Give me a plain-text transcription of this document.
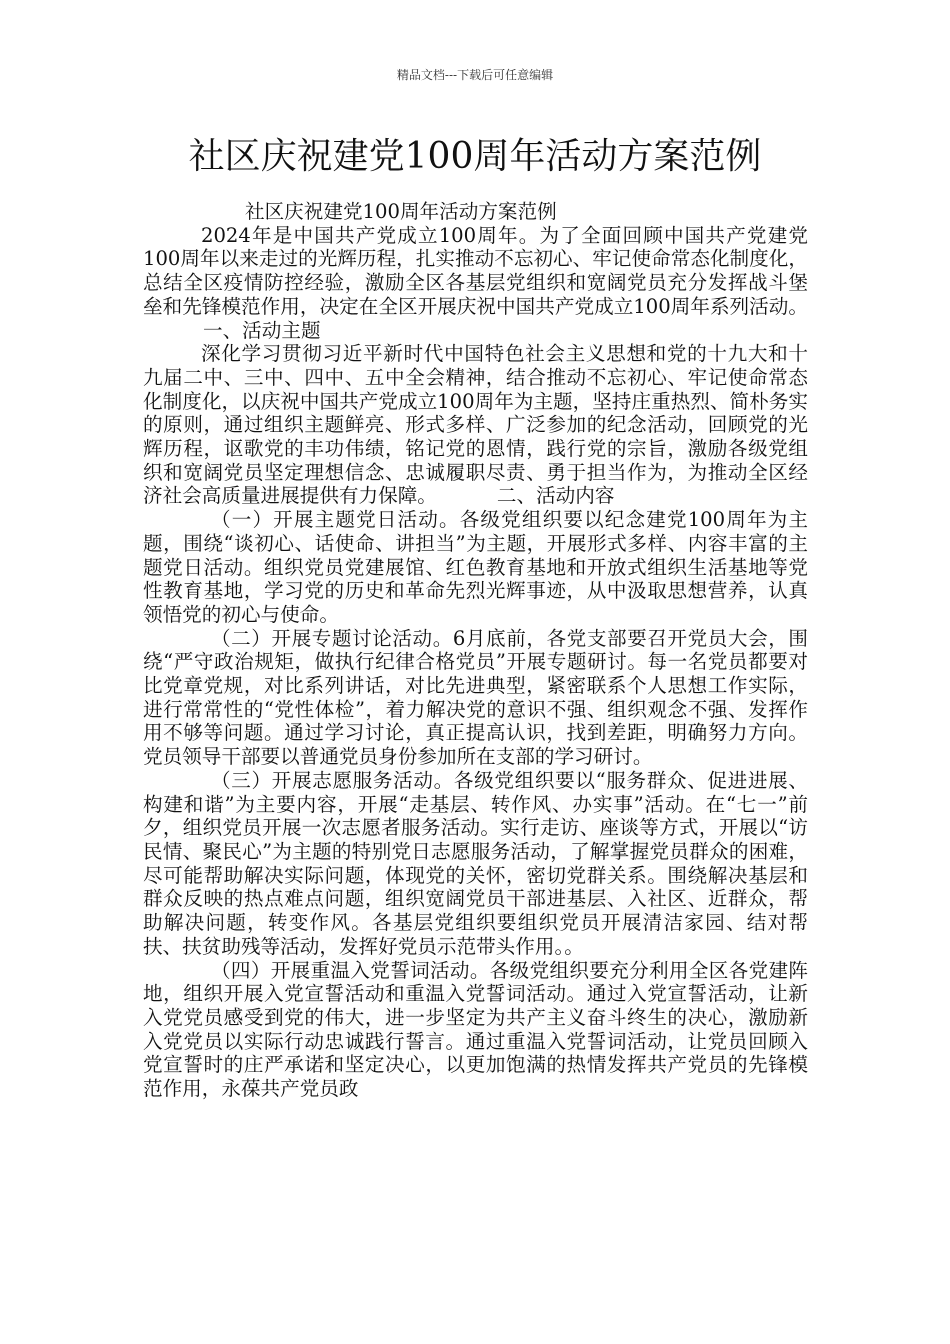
精品文档---下载后可任意编辑
社区庆祝建党100周年活动方案范例

社区庆祝建党100周年活动方案范例

2024年是中国共产党成立100周年。为了全面回顾中国共产党建党100周年以来走过的光辉历程，扎实推动不忘初心、牢记使命常态化制度化，总结全区疫情防控经验，激励全区各基层党组织和宽阔党员充分发挥战斗堡垒和先锋模范作用，决定在全区开展庆祝中国共产党成立100周年系列活动。一、活动主题

深化学习贯彻习近平新时代中国特色社会主义思想和党的十九大和十九届二中、三中、四中、五中全会精神，结合推动不忘初心、牢记使命常态化制度化，以庆祝中国共产党成立100周年为主题，坚持庄重热烈、简朴务实的原则，通过组织主题鲜亮、形式多样、广泛参加的纪念活动，回顾党的光辉历程，讴歌党的丰功伟绩，铭记党的恩情，践行党的宗旨，激励各级党组织和宽阔党员坚定理想信念、忠诚履职尽责、勇于担当作为，为推动全区经济社会高质量进展提供有力保障。	二、活动内容

（一）开展主题党日活动。各级党组织要以纪念建党100周年为主题，围绕“谈初心、话使命、讲担当”为主题，开展形式多样、内容丰富的主题党日活动。组织党员党建展馆、红色教育基地和开放式组织生活基地等党性教育基地，学习党的历史和革命先烈光辉事迹，从中汲取思想营养，认真领悟党的初心与使命。

（二）开展专题讨论活动。6月底前，各党支部要召开党员大会，围绕“严守政治规矩，做执行纪律合格党员”开展专题研讨。每一名党员都要对比党章党规，对比系列讲话，对比先进典型，紧密联系个人思想工作实际，进行常常性的“党性体检”，着力解决党的意识不强、组织观念不强、发挥作用不够等问题。通过学习讨论，真正提高认识，找到差距，明确努力方向。党员领导干部要以普通党员身份参加所在支部的学习研讨。

（三）开展志愿服务活动。各级党组织要以“服务群众、促进进展、构建和谐”为主要内容，开展“走基层、转作风、办实事”活动。在“七一”前夕，组织党员开展一次志愿者服务活动。实行走访、座谈等方式，开展以“访民情、聚民心”为主题的特别党日志愿服务活动，了解掌握党员群众的困难，尽可能帮助解决实际问题，体现党的关怀，密切党群关系。围绕解决基层和群众反映的热点难点问题，组织宽阔党员干部进基层、入社区、近群众，帮助解决问题，转变作风。各基层党组织要组织党员开展清洁家园、结对帮扶、扶贫助残等活动，发挥好党员示范带头作用。。

（四）开展重温入党誓词活动。各级党组织要充分利用全区各党建阵地，组织开展入党宣誓活动和重温入党誓词活动。通过入党宣誓活动，让新入党党员感受到党的伟大，进一步坚定为共产主义奋斗终生的决心，激励新入党党员以实际行动忠诚践行誓言。通过重温入党誓词活动，让党员回顾入党宣誓时的庄严承诺和坚定决心，以更加饱满的热情发挥共产党员的先锋模范作用，永葆共产党员政
